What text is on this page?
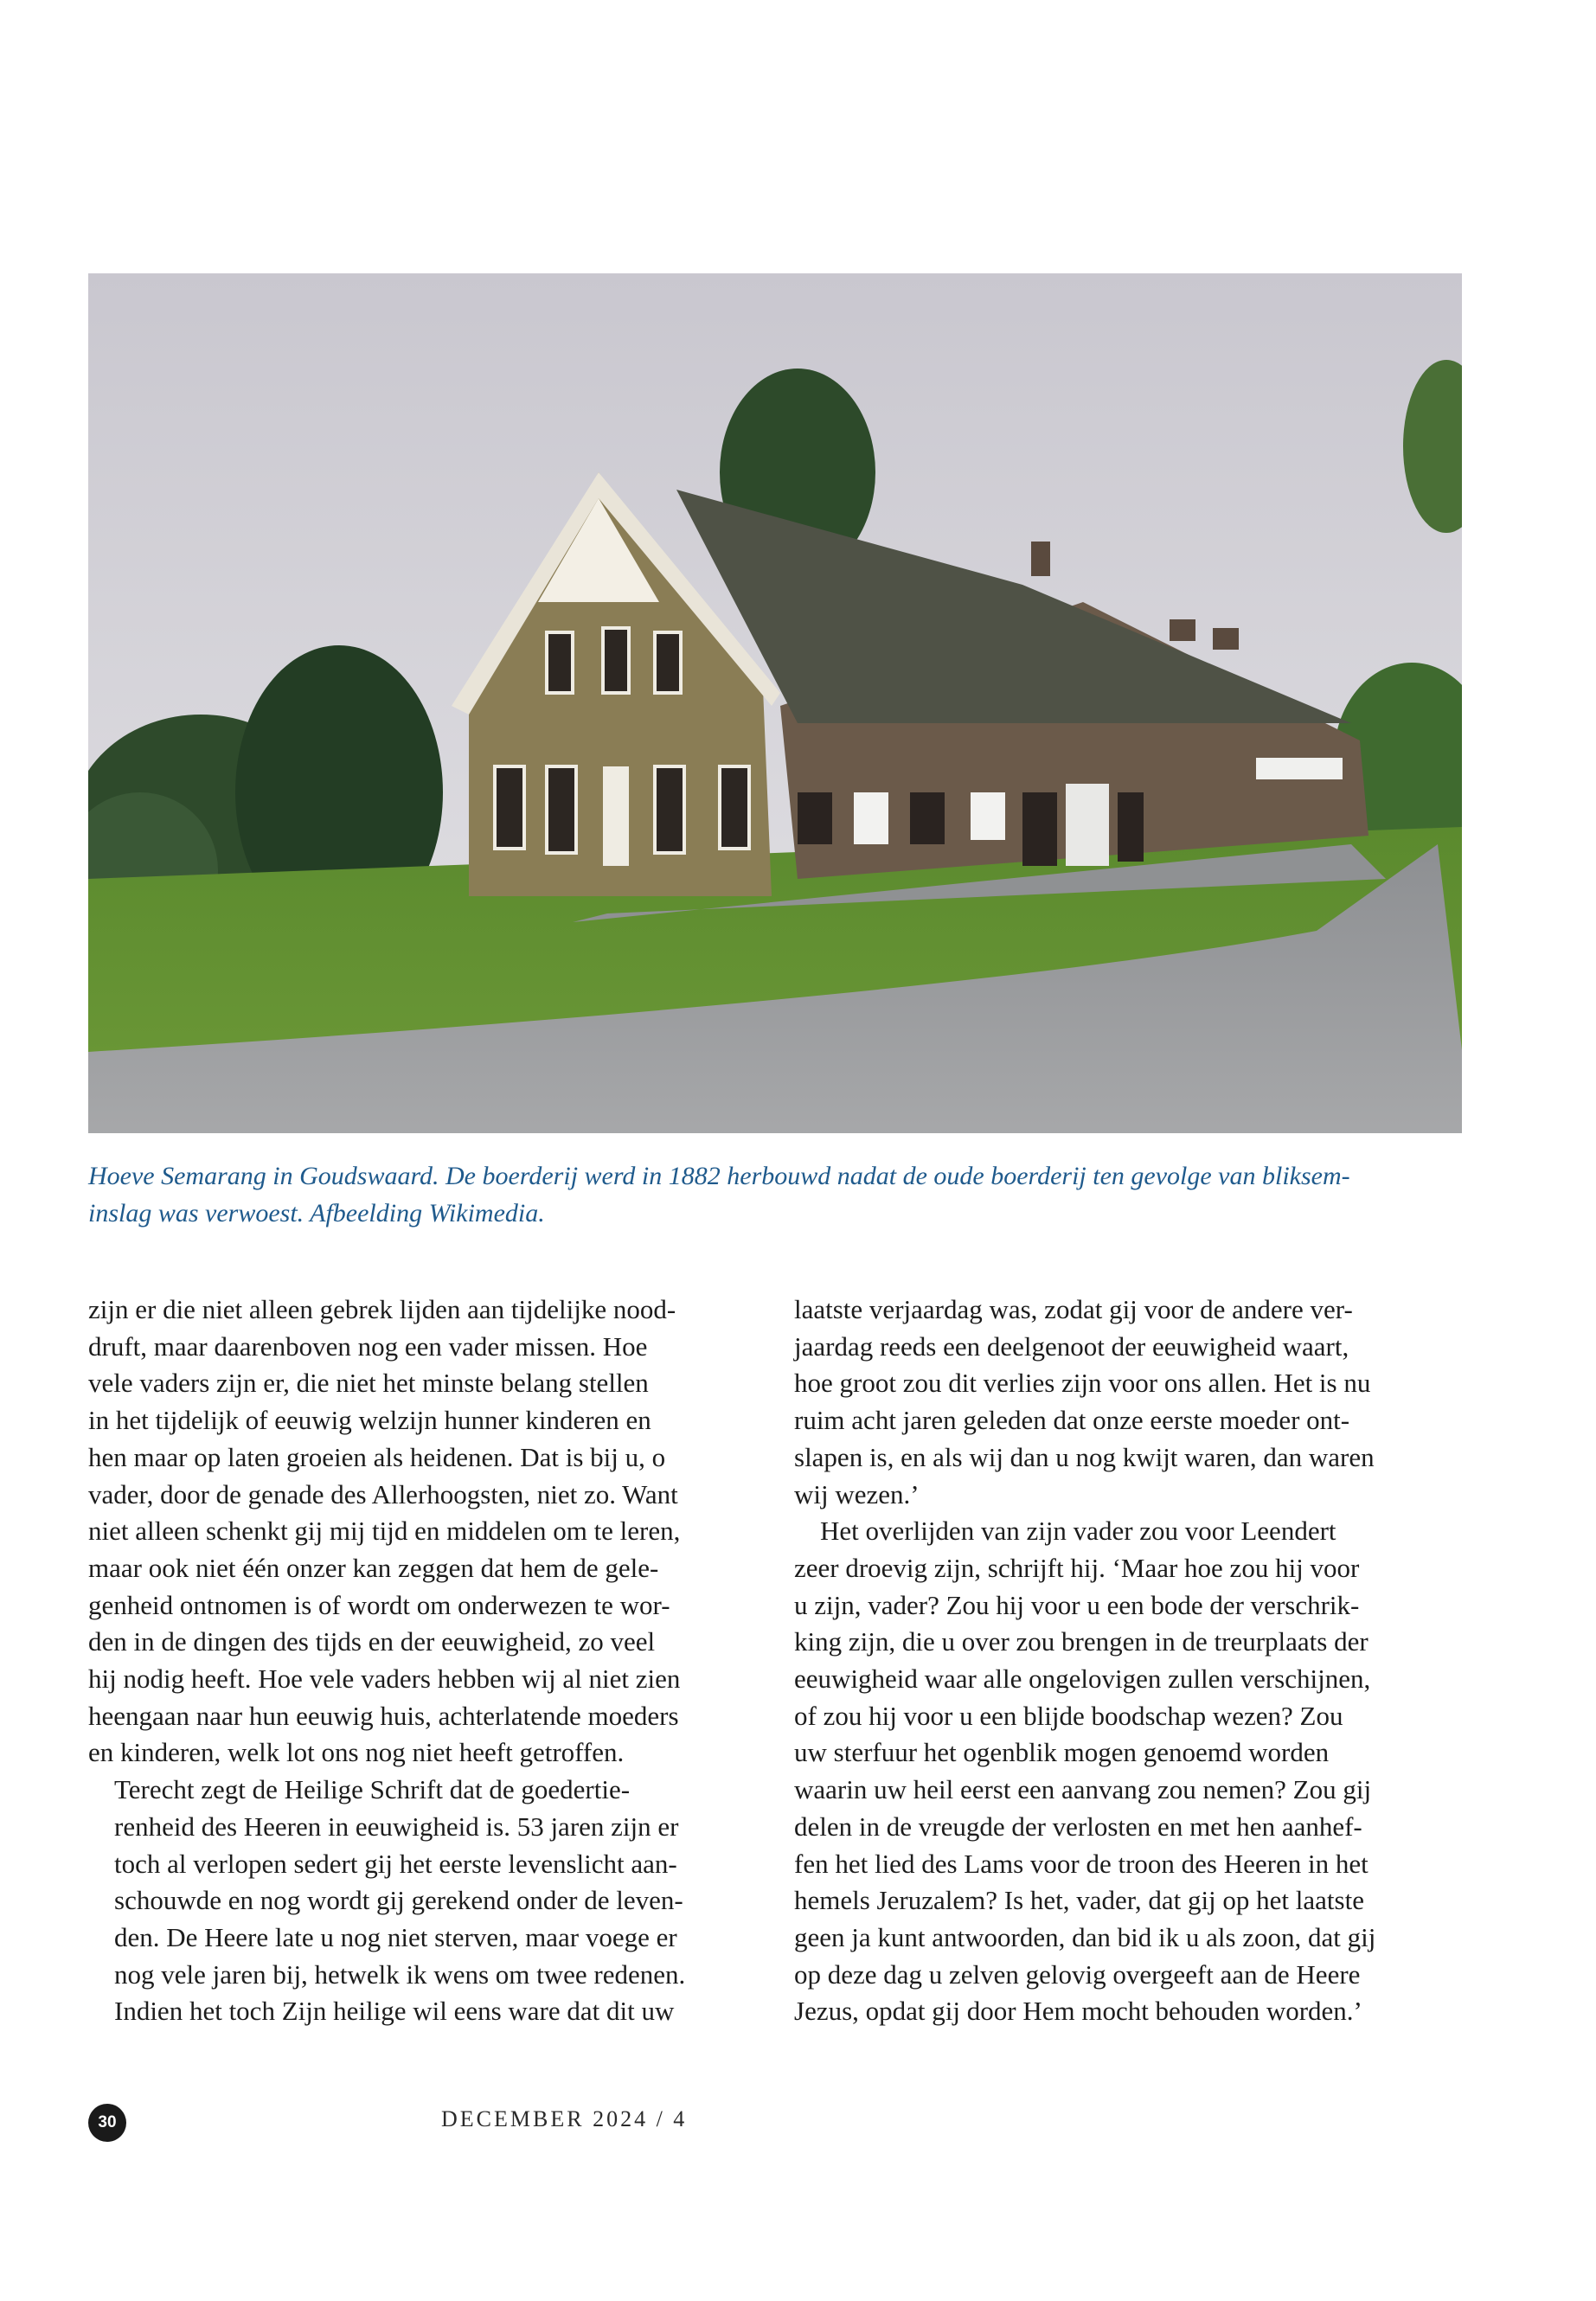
Hoeve Semarang in Goudswaard. De boerderij werd in 1882 herbouwd nadat de oude boerderij ten gevolge van bliksem-
inslag was verwoest. Afbeelding Wikimedia.

zijn er die niet alleen gebrek lijden aan tijdelijke nood-
druft, maar daarenboven nog een vader missen. Hoe
vele vaders zijn er, die niet het minste belang stellen
in het tijdelijk of eeuwig welzijn hunner kinderen en
hen maar op laten groeien als heidenen. Dat is bij u, o
vader, door de genade des Allerhoogsten, niet zo. Want
niet alleen schenkt gij mij tijd en middelen om te leren,
maar ook niet één onzer kan zeggen dat hem de gele-
genheid ontnomen is of wordt om onderwezen te wor-
den in de dingen des tijds en der eeuwigheid, zo veel
hij nodig heeft. Hoe vele vaders hebben wij al niet zien
heengaan naar hun eeuwig huis, achterlatende moeders
en kinderen, welk lot ons nog niet heeft getroffen.

Terecht zegt de Heilige Schrift dat de goedertie-
renheid des Heeren in eeuwigheid is. 53 jaren zijn er
toch al verlopen sedert gij het eerste levenslicht aan-
schouwde en nog wordt gij gerekend onder de leven-
den. De Heere late u nog niet sterven, maar voege er
nog vele jaren bij, hetwelk ik wens om twee redenen.
Indien het toch Zijn heilige wil eens ware dat dit uw

laatste verjaardag was, zodat gij voor de andere ver-
jaardag reeds een deelgenoot der eeuwigheid waart,
hoe groot zou dit verlies zijn voor ons allen. Het is nu
ruim acht jaren geleden dat onze eerste moeder ont-
slapen is, en als wij dan u nog kwijt waren, dan waren
wij wezen.’

Het overlijden van zijn vader zou voor Leendert
zeer droevig zijn, schrijft hij. ‘Maar hoe zou hij voor
u zijn, vader? Zou hij voor u een bode der verschrik-
king zijn, die u over zou brengen in de treurplaats der
eeuwigheid waar alle ongelovigen zullen verschijnen,
of zou hij voor u een blijde boodschap wezen? Zou
uw sterfuur het ogenblik mogen genoemd worden
waarin uw heil eerst een aanvang zou nemen? Zou gij
delen in de vreugde der verlosten en met hen aanhef-
fen het lied des Lams voor de troon des Heeren in het
hemels Jeruzalem? Is het, vader, dat gij op het laatste
geen ja kunt antwoorden, dan bid ik u als zoon, dat gij
op deze dag u zelven gelovig overgeeft aan de Heere
Jezus, opdat gij door Hem mocht behouden worden.’

30	DECEMBER 2024 / 4
